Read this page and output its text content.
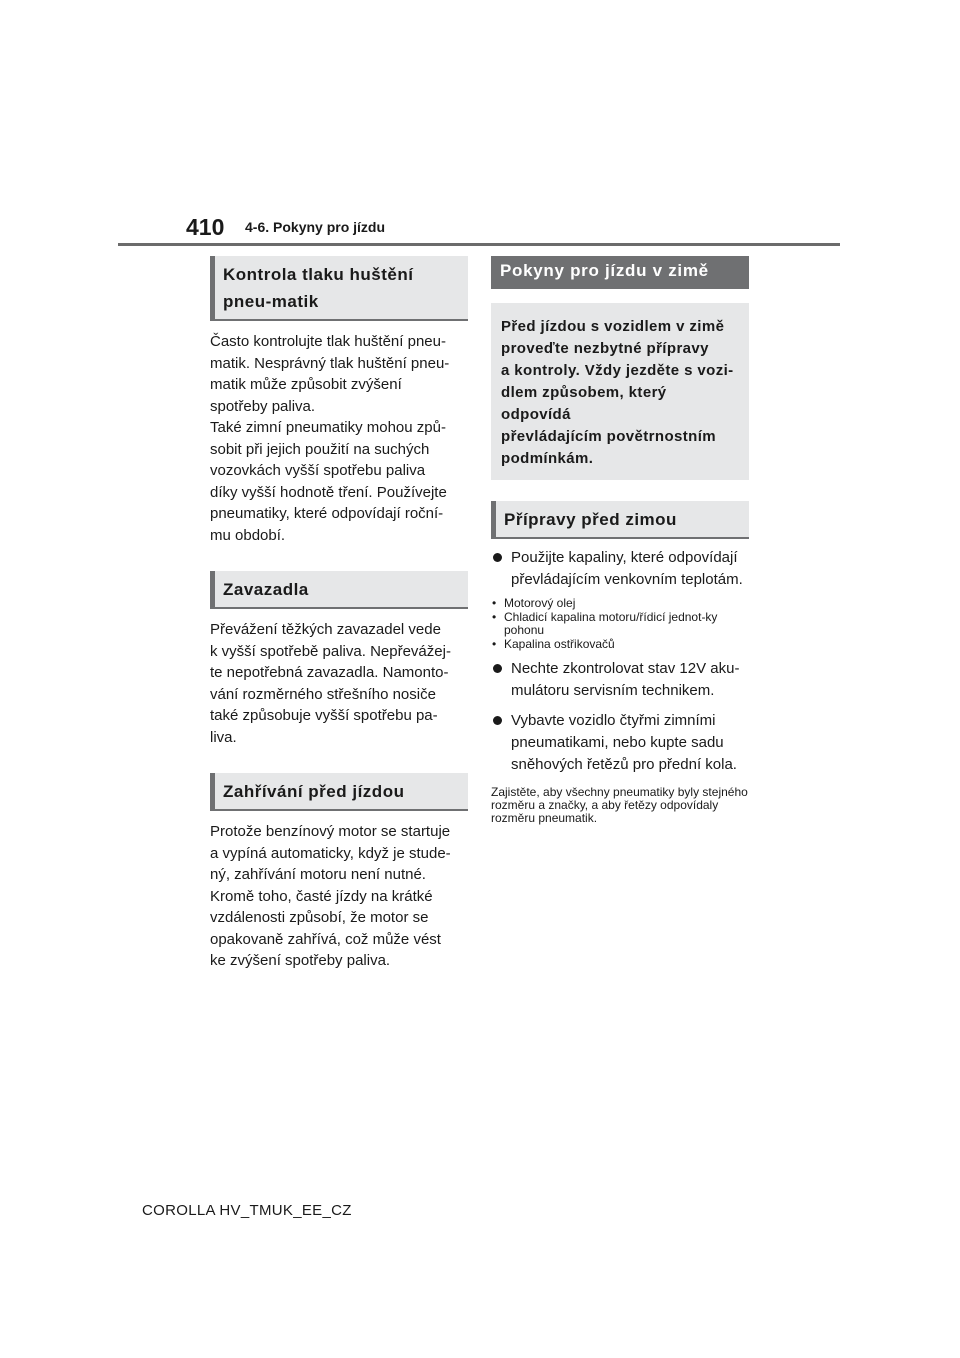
410 4-6. Pokyny pro jízdu
Kontrola tlaku huštění pneu-matik

Často kontrolujte tlak huštění pneu-

matik. Nesprávný tlak huštění pneu-

matik může způsobit zvýšení

spotřeby paliva.

Také zimní pneumatiky mohou způ-

sobit při jejich použití na suchých

vozovkách vyšší spotřebu paliva

díky vyšší hodnotě tření. Používejte

pneumatiky, které odpovídají roční-

mu období.

Zavazadla

Převážení těžkých zavazadel vede

k vyšší spotřebě paliva. Nepřevážej-

te nepotřebná zavazadla. Namonto-

vání rozměrného střešního nosiče

také způsobuje vyšší spotřebu pa-

liva.

Zahřívání před jízdou

Protože benzínový motor se startuje

a vypíná automaticky, když je stude-

ný, zahřívání motoru není nutné.

Kromě toho, časté jízdy na krátké

vzdálenosti způsobí, že motor se

opakovaně zahřívá, což může vést

ke zvýšení spotřeby paliva.

Pokyny pro jízdu v zimě
Před jízdou s vozidlem v zimě
proveďte nezbytné přípravy
a kontroly. Vždy jezděte s vozi-
dlem způsobem, který odpovídá
převládajícím povětrnostním
podmínkám.
Přípravy před zimou
Použijte kapaliny, které odpovídají
převládajícím venkovním teplotám.
• Motorový olej
• Chladicí kapalina motoru/řídicí jednot-ky pohonu
• Kapalina ostřikovačů
Nechte zkontrolovat stav 12V aku-
mulátoru servisním technikem.
Vybavte vozidlo čtyřmi zimními
pneumatikami, nebo kupte sadu
sněhových řetězů pro přední kola.

Zajistěte, aby všechny pneumatiky byly stejného rozměru a značky, a aby řetězy odpovídaly rozměru pneumatik.

COROLLA HV_TMUK_EE_CZ
